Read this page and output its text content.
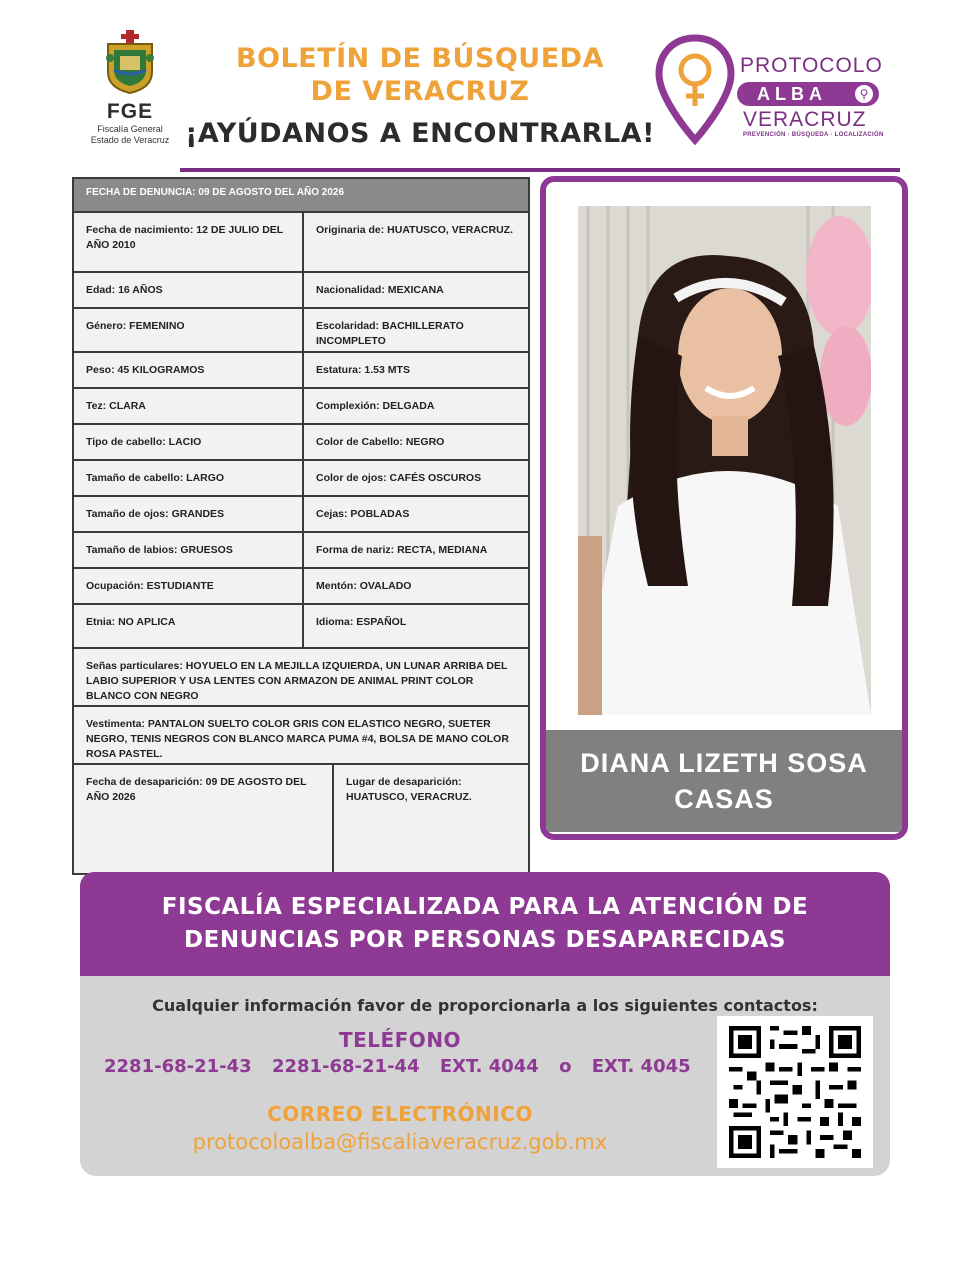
FGE
Fiscalía General
Estado de Veracruz
BOLETÍN DE BÚSQUEDA
DE VERACRUZ
¡AYÚDANOS A ENCONTRARLA!
PROTOCOLO
ALBA	⚲
VERACRUZ
PREVENCIÓN · BÚSQUEDA · LOCALIZACIÓN
FECHA DE DENUNCIA: 09 DE AGOSTO DEL AÑO 2026
Fecha de nacimiento: 12 DE JULIO DEL AÑO 2010
Originaria de: HUATUSCO, VERACRUZ.
Edad: 16 AÑOS	Nacionalidad: MEXICANA
Género: FEMENINO	Escolaridad: BACHILLERATO INCOMPLETO
Peso: 45 KILOGRAMOS	Estatura: 1.53 MTS
Tez: CLARA	Complexión: DELGADA
Tipo de cabello: LACIO	Color de Cabello: NEGRO
Tamaño de cabello: LARGO	Color de ojos: CAFÉS OSCUROS
Tamaño de ojos: GRANDES	Cejas: POBLADAS
Tamaño de labios: GRUESOS	Forma de nariz: RECTA, MEDIANA
Ocupación: ESTUDIANTE	Mentón: OVALADO
Etnia: NO APLICA	Idioma: ESPAÑOL
Señas particulares: HOYUELO EN LA MEJILLA IZQUIERDA, UN LUNAR ARRIBA DEL LABIO SUPERIOR Y USA LENTES CON ARMAZON DE ANIMAL PRINT COLOR BLANCO CON NEGRO
Vestimenta: PANTALON SUELTO COLOR GRIS CON ELASTICO NEGRO, SUETER NEGRO, TENIS NEGROS CON BLANCO MARCA PUMA #4, BOLSA DE MANO COLOR ROSA PASTEL.
Fecha de desaparición: 09 DE AGOSTO DEL AÑO 2026
Lugar de desaparición: HUATUSCO, VERACRUZ.
DIANA LIZETH SOSA CASAS
FISCALÍA ESPECIALIZADA PARA LA ATENCIÓN DE DENUNCIAS POR PERSONAS DESAPARECIDAS
Cualquier información favor de proporcionarla a los siguientes contactos:
TELÉFONO
2281-68-21-43 2281-68-21-44 EXT. 4044 o EXT. 4045
CORREO ELECTRÓNICO
protocoloalba@fiscaliaveracruz.gob.mx
